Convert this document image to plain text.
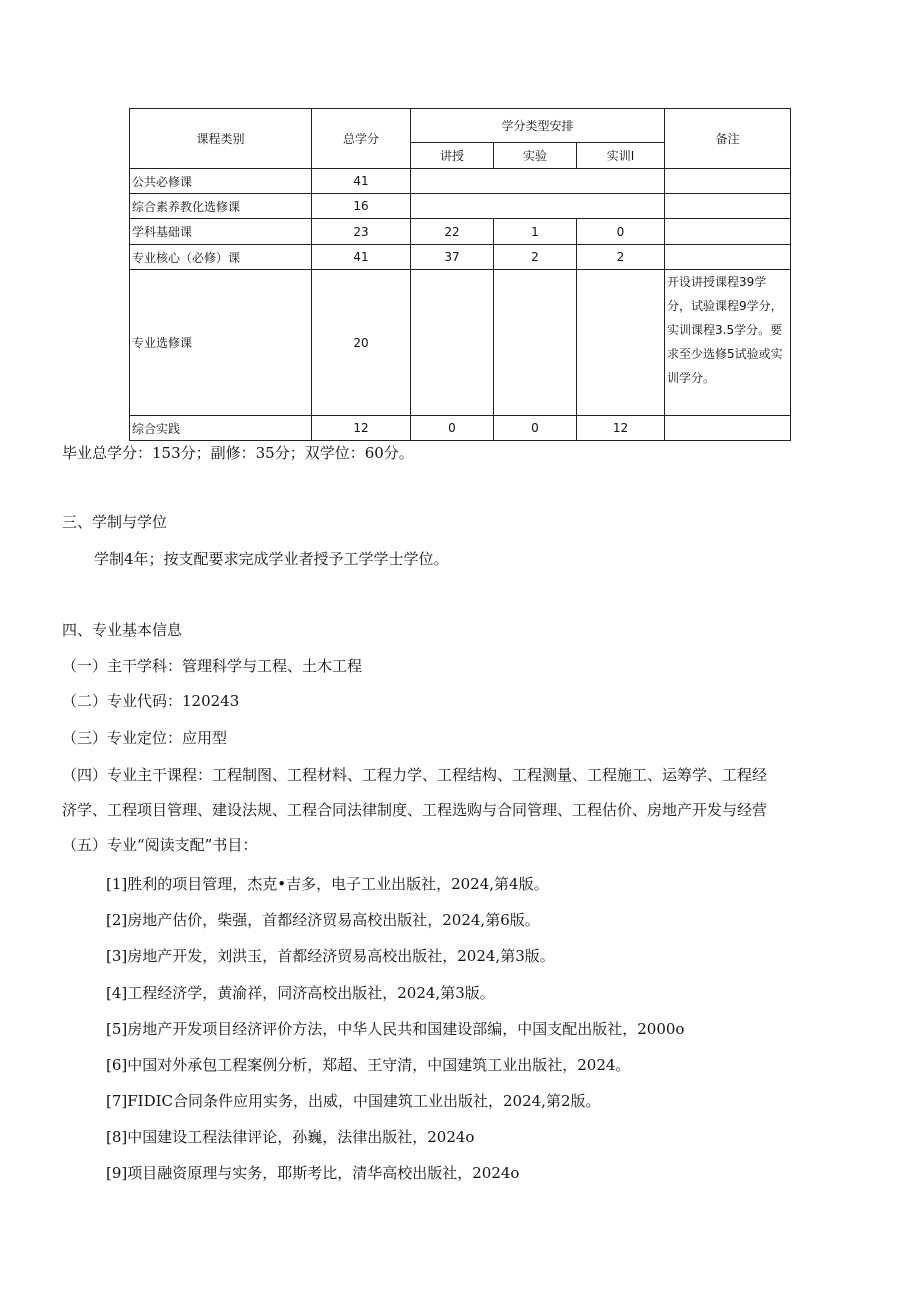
课程类别	总学分	学分类型安排			备注
		讲授	实验	实训I	
公共必修课	41				
综合素养教化选修课	16				
学科基础课	23	22	1	0	
专业核心（必修）课	41	37	2	2	
专业选修课	20				开设讲授课程39学分，试验课程9学分，实训课程3.5学分。要求至少选修5试验或实训学分。
综合实践	12	0	0	12	
毕业总学分：153分；副修：35分；双学位：60分。
三、学制与学位
学制4年；按支配要求完成学业者授予工学学士学位。
四、专业基本信息
（一）主干学科：管理科学与工程、土木工程
（二）专业代码：120243
（三）专业定位：应用型
（四）专业主干课程：工程制图、工程材料、工程力学、工程结构、工程测量、工程施工、运筹学、工程经
济学、工程项目管理、建设法规、工程合同法律制度、工程选购与合同管理、工程估价、房地产开发与经营
（五）专业“阅读支配”书目：
[1]胜利的项目管理，杰克•吉多，电子工业出版社，2024,第4版。
[2]房地产估价，柴强，首都经济贸易高校出版社，2024,第6版。
[3]房地产开发，刘洪玉，首都经济贸易高校出版社，2024,第3版。
[4]工程经济学，黄渝祥，同济高校出版社，2024,第3版。
[5]房地产开发项目经济评价方法，中华人民共和国建设部编，中国支配出版社，2000o
[6]中国对外承包工程案例分析，郑超、王守清，中国建筑工业出版社，2024。
[7]FIDIC合同条件应用实务，出威，中国建筑工业出版社，2024,第2版。
[8]中国建设工程法律评论，孙巍，法律出版社，2024o
[9]项目融资原理与实务，耶斯考比，清华高校出版社，2024o
